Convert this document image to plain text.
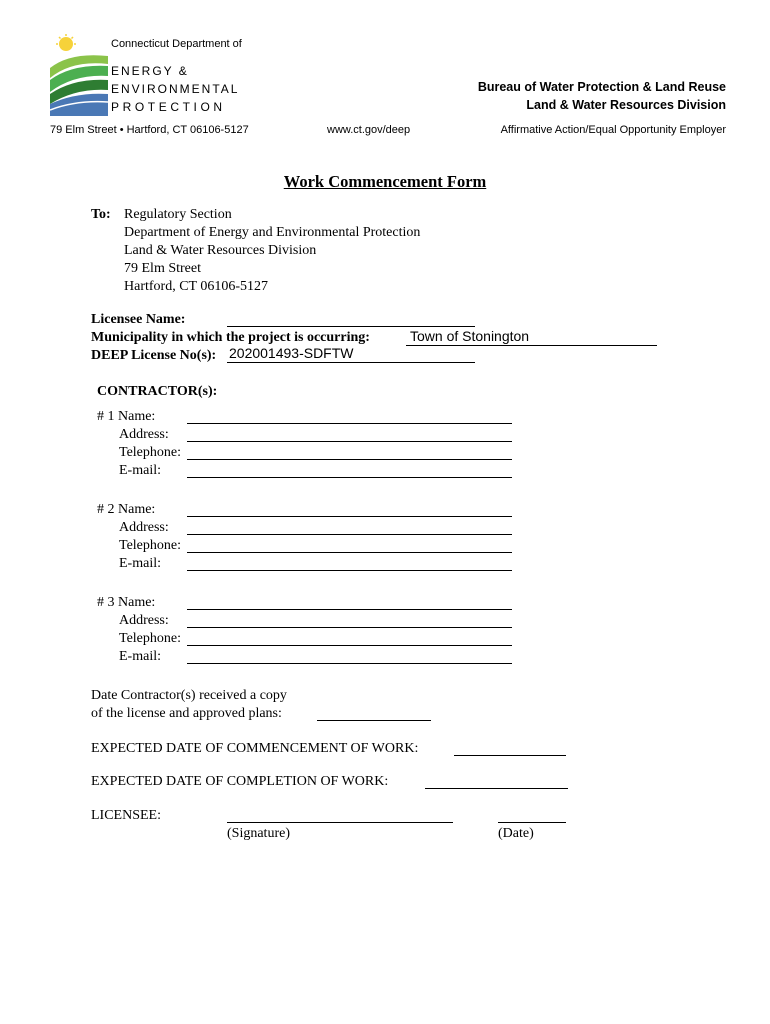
Connecticut Department of
ENERGY &
ENVIRONMENTAL
PROTECTION
Bureau of Water Protection & Land Reuse
Land & Water Resources Division
79 Elm Street • Hartford, CT 06106-5127	www.ct.gov/deep	Affirmative Action/Equal Opportunity Employer
Work Commencement Form
To: Regulatory Section
Department of Energy and Environmental Protection
Land & Water Resources Division
79 Elm Street
Hartford, CT 06106-5127
Licensee Name:
Municipality in which the project is occurring:	Town of Stonington
DEEP License No(s): 202001493-SDFTW
CONTRACTOR(s):
# 1 Name:
Address:
Telephone:
E-mail:
# 2 Name:
Address:
Telephone:
E-mail:
# 3 Name:
Address:
Telephone:
E-mail:
Date Contractor(s) received a copy
of the license and approved plans:
EXPECTED DATE OF COMMENCEMENT OF WORK:
EXPECTED DATE OF COMPLETION OF WORK:
LICENSEE:
(Signature)	(Date)
